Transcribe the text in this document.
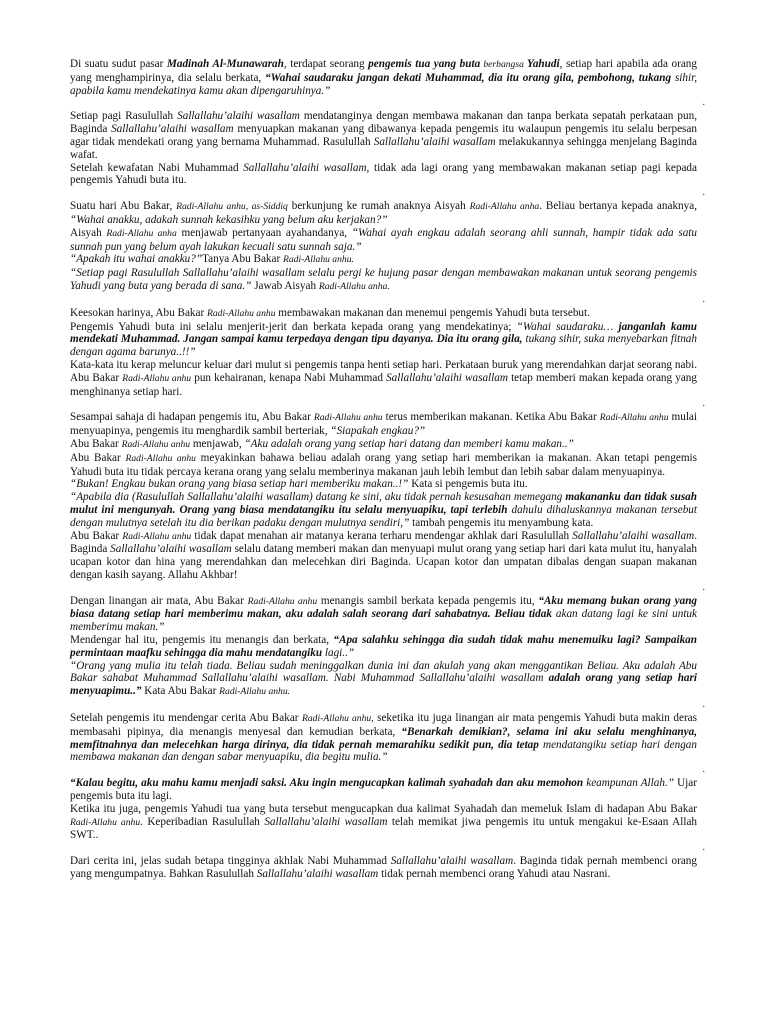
Di suatu sudut pasar Madinah Al-Munawarah, terdapat seorang pengemis tua yang buta berbangsa Yahudi, setiap hari apabila ada orang yang menghampirinya, dia selalu berkata, “Wahai saudaraku jangan dekati Muhammad, dia itu orang gila, pembohong, tukang sihir, apabila kamu mendekatinya kamu akan dipengaruhinya.”

.

Setiap pagi Rasulullah Sallallahu’alaihi wasallam mendatanginya dengan membawa makanan dan tanpa berkata sepatah perkataan pun, Baginda Sallallahu’alaihi wasallam menyuapkan makanan yang dibawanya kepada pengemis itu walaupun pengemis itu selalu berpesan agar tidak mendekati orang yang bernama Muhammad. Rasulullah Sallallahu’alaihi wasallam melakukannya sehingga menjelang Baginda wafat.

Setelah kewafatan Nabi Muhammad Sallallahu’alaihi wasallam, tidak ada lagi orang yang membawakan makanan setiap pagi kepada pengemis Yahudi buta itu.

.

Suatu hari Abu Bakar, Radi-Allahu anhu, as-Siddiq berkunjung ke rumah anaknya Aisyah Radi-Allahu anha. Beliau bertanya kepada anaknya, “Wahai anakku, adakah sunnah kekasihku yang belum aku kerjakan?”

Aisyah Radi-Allahu anha menjawab pertanyaan ayahandanya, “Wahai ayah engkau adalah seorang ahli sunnah, hampir tidak ada satu sunnah pun yang belum ayah lakukan kecuali satu sunnah saja.”

“Apakah itu wahai anakku?”Tanya Abu Bakar Radi-Allahu anhu.

“Setiap pagi Rasulullah Sallallahu’alaihi wasallam selalu pergi ke hujung pasar dengan membawakan makanan untuk seorang pengemis Yahudi yang buta yang berada di sana.” Jawab Aisyah Radi-Allahu anha.

.

Keesokan harinya, Abu Bakar Radi-Allahu anhu membawakan makanan dan menemui pengemis Yahudi buta tersebut.

Pengemis Yahudi buta ini selalu menjerit-jerit dan berkata kepada orang yang mendekatinya; “Wahai saudaraku… janganlah kamu mendekati Muhammad. Jangan sampai kamu terpedaya dengan tipu dayanya. Dia itu orang gila, tukang sihir, suka menyebarkan fitnah dengan agama barunya..!!”

Kata-kata itu kerap meluncur keluar dari mulut si pengemis tanpa henti setiap hari. Perkataan buruk yang merendahkan darjat seorang nabi. Abu Bakar Radi-Allahu anhu pun kehairanan, kenapa Nabi Muhammad Sallallahu’alaihi wasallam tetap memberi makan kepada orang yang menghinanya setiap hari.

.

Sesampai sahaja di hadapan pengemis itu, Abu Bakar Radi-Allahu anhu terus memberikan makanan. Ketika Abu Bakar Radi-Allahu anhu mulai menyuapinya, pengemis itu menghardik sambil berteriak, “Siapakah engkau?”

Abu Bakar Radi-Allahu anhu menjawab, “Aku adalah orang yang setiap hari datang dan memberi kamu makan..”

Abu Bakar Radi-Allahu anhu meyakinkan bahawa beliau adalah orang yang setiap hari memberikan ia makanan. Akan tetapi pengemis Yahudi buta itu tidak percaya kerana orang yang selalu memberinya makanan jauh lebih lembut dan lebih sabar dalam menyuapinya.

“Bukan! Engkau bukan orang yang biasa setiap hari memberiku makan..!” Kata si pengemis buta itu.

“Apabila dia (Rasulullah Sallallahu’alaihi wasallam) datang ke sini, aku tidak pernah kesusahan memegang makananku dan tidak susah mulut ini mengunyah. Orang yang biasa mendatangiku itu selalu menyuapiku, tapi terlebih dahulu dihaluskannya makanan tersebut dengan mulutnya setelah itu dia berikan padaku dengan mulutnya sendiri,” tambah pengemis itu menyambung kata.

Abu Bakar Radi-Allahu anhu tidak dapat menahan air matanya kerana terharu mendengar akhlak dari Rasulullah Sallallahu’alaihi wasallam. Baginda Sallallahu’alaihi wasallam selalu datang memberi makan dan menyuapi mulut orang yang setiap hari dari kata mulut itu, hanyalah ucapan kotor dan hina yang merendahkan dan melecehkan diri Baginda. Ucapan kotor dan umpatan dibalas dengan suapan makanan dengan kasih sayang. Allahu Akhbar!

.

Dengan linangan air mata, Abu Bakar Radi-Allahu anhu menangis sambil berkata kepada pengemis itu, “Aku memang bukan orang yang biasa datang setiap hari memberimu makan, aku adalah salah seorang dari sahabatnya. Beliau tidak akan datang lagi ke sini untuk memberimu makan.”

Mendengar hal itu, pengemis itu menangis dan berkata, “Apa salahku sehingga dia sudah tidak mahu menemuiku lagi? Sampaikan permintaan maafku sehingga dia mahu mendatangiku lagi..”

“Orang yang mulia itu telah tiada. Beliau sudah meninggalkan dunia ini dan akulah yang akan menggantikan Beliau. Aku adalah Abu Bakar sahabat Muhammad Sallallahu’alaihi wasallam. Nabi Muhammad Sallallahu’alaihi wasallam adalah orang yang setiap hari menyuapimu..” Kata Abu Bakar Radi-Allahu anhu.

.

Setelah pengemis itu mendengar cerita Abu Bakar Radi-Allahu anhu, seketika itu juga linangan air mata pengemis Yahudi buta makin deras membasahi pipinya, dia menangis menyesal dan kemudian berkata, “Benarkah demikian?, selama ini aku selalu menghinanya, memfitnahnya dan melecehkan harga dirinya, dia tidak pernah memarahiku sedikit pun, dia tetap mendatangiku setiap hari dengan membawa makanan dan dengan sabar menyuapiku, dia begitu mulia.”

.

“Kalau begitu, aku mahu kamu menjadi saksi. Aku ingin mengucapkan kalimah syahadah dan aku memohon keampunan Allah.” Ujar pengemis buta itu lagi.

Ketika itu juga, pengemis Yahudi tua yang buta tersebut mengucapkan dua kalimat Syahadah dan memeluk Islam di hadapan Abu Bakar Radi-Allahu anhu. Keperibadian Rasulullah Sallallahu’alaihi wasallam telah memikat jiwa pengemis itu untuk mengakui ke-Esaan Allah SWT..

.

Dari cerita ini, jelas sudah betapa tingginya akhlak Nabi Muhammad Sallallahu’alaihi wasallam. Baginda tidak pernah membenci orang yang mengumpatnya. Bahkan Rasulullah Sallallahu’alaihi wasallam tidak pernah membenci orang Yahudi atau Nasrani.
